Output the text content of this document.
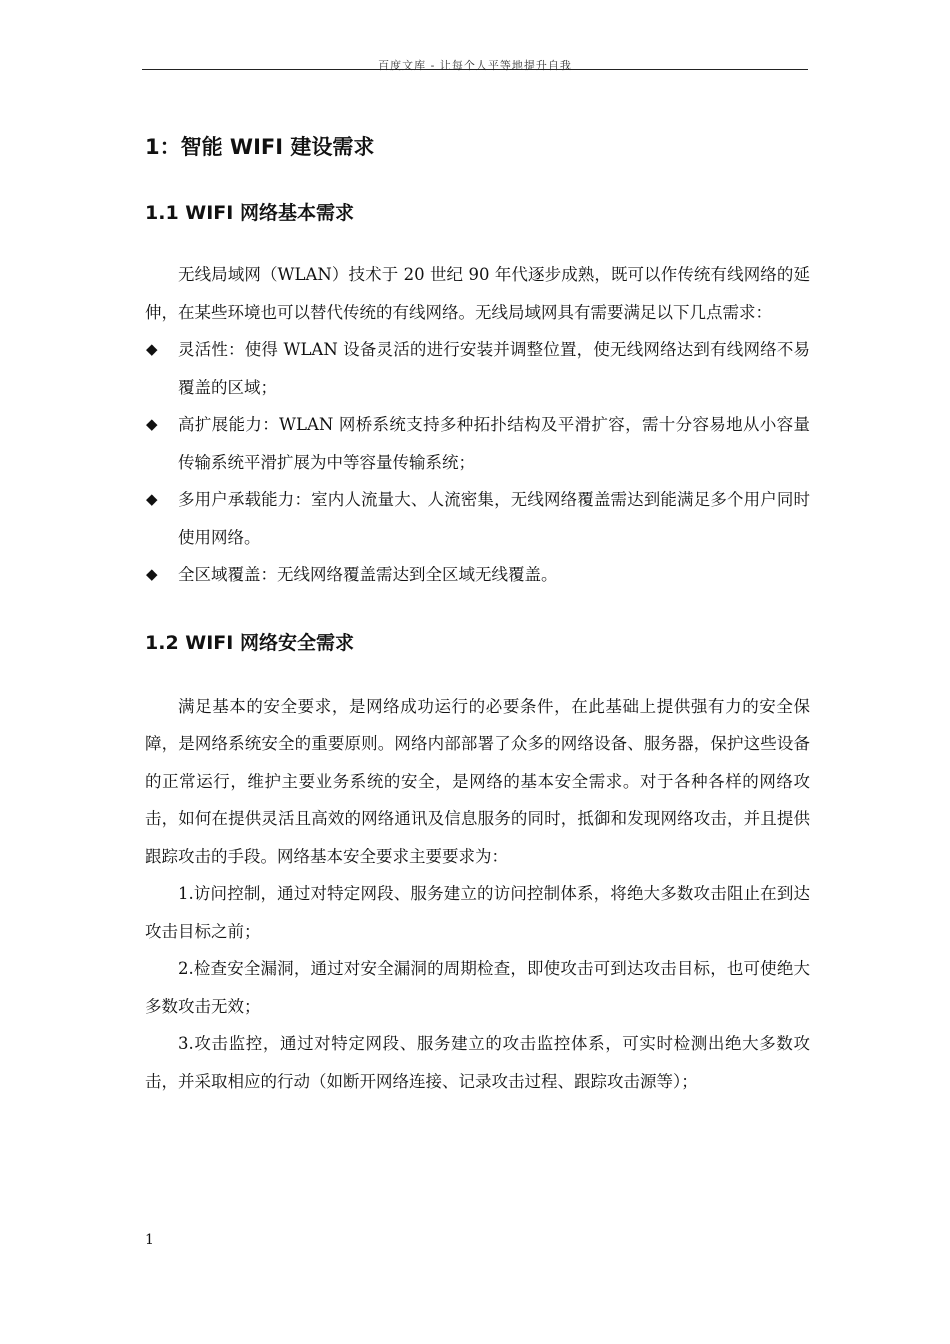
百度文库 - 让每个人平等地提升自我
1：智能 WIFI 建设需求
1.1 WIFI 网络基本需求

无线局域网（WLAN）技术于 20 世纪 90 年代逐步成熟，既可以作传统有线网络的延伸，在某些环境也可以替代传统的有线网络。无线局域网具有需要满足以下几点需求：

◆ 灵活性：使得 WLAN 设备灵活的进行安装并调整位置，使无线网络达到有线网络不易覆盖的区域；
◆ 高扩展能力：WLAN 网桥系统支持多种拓扑结构及平滑扩容，需十分容易地从小容量传输系统平滑扩展为中等容量传输系统；
◆ 多用户承载能力：室内人流量大、人流密集，无线网络覆盖需达到能满足多个用户同时使用网络。
◆ 全区域覆盖：无线网络覆盖需达到全区域无线覆盖。
1.2 WIFI 网络安全需求

满足基本的安全要求，是网络成功运行的必要条件，在此基础上提供强有力的安全保障，是网络系统安全的重要原则。网络内部部署了众多的网络设备、服务器，保护这些设备的正常运行，维护主要业务系统的安全，是网络的基本安全需求。对于各种各样的网络攻击，如何在提供灵活且高效的网络通讯及信息服务的同时，抵御和发现网络攻击，并且提供跟踪攻击的手段。网络基本安全要求主要要求为：

1.访问控制，通过对特定网段、服务建立的访问控制体系，将绝大多数攻击阻止在到达攻击目标之前；

2.检查安全漏洞，通过对安全漏洞的周期检查，即使攻击可到达攻击目标，也可使绝大多数攻击无效；

3.攻击监控，通过对特定网段、服务建立的攻击监控体系，可实时检测出绝大多数攻击，并采取相应的行动（如断开网络连接、记录攻击过程、跟踪攻击源等）；

1
